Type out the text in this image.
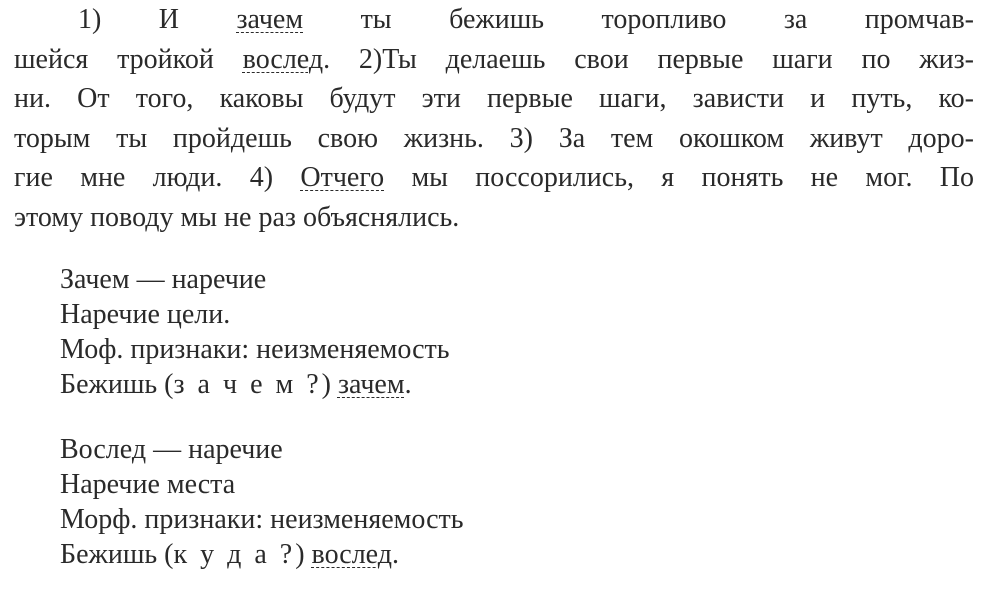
1) И зачем ты бежишь торопливо за промчав-
шейся тройкой вослед. 2)Ты делаешь свои первые шаги по жиз-
ни. От того, каковы будут эти первые шаги, зависти и путь, ко-
торым ты пройдешь свою жизнь. 3) За тем окошком живут доро-
гие мне люди. 4) Отчего мы поссорились, я понять не мог. По
этому поводу мы не раз объяснялись.
Зачем — наречие
Наречие цели.
Моф. признаки: неизменяемость
Бежишь (з а ч е м ?) зачем.
Вослед — наречие
Наречие места
Морф. признаки: неизменяемость
Бежишь (к у д а ?) вослед.
